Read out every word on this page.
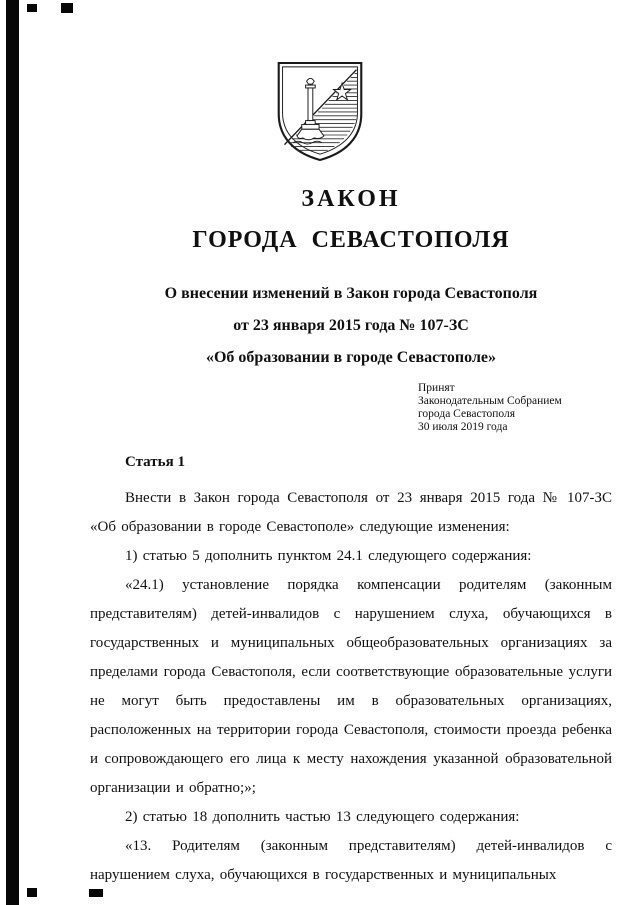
ЗАКОН
ГОРОДА  СЕВАСТОПОЛЯ
О внесении изменений в Закон города Севастополя
от 23 января 2015 года № 107-ЗС
«Об образовании в городе Севастополе»
Принят
Законодательным Собранием
города Севастополя
30 июля 2019 года
Статья 1

Внести в Закон города Севастополя от 23 января 2015 года № 107-ЗС «Об образовании в городе Севастополе» следующие изменения:

1) статью 5 дополнить пунктом 24.1 следующего содержания:

«24.1) установление порядка компенсации родителям (законным представителям) детей-инвалидов с нарушением слуха, обучающихся в государственных и муниципальных общеобразовательных организациях за пределами города Севастополя, если соответствующие образовательные услуги не могут быть предоставлены им в образовательных организациях, расположенных на территории города Севастополя, стоимости проезда ребенка и сопровождающего его лица к месту нахождения указанной образовательной организации и обратно;»;

2) статью 18 дополнить частью 13 следующего содержания:

«13. Родителям (законным представителям) детей-инвалидов с нарушением слуха, обучающихся в государственных и муниципальных
